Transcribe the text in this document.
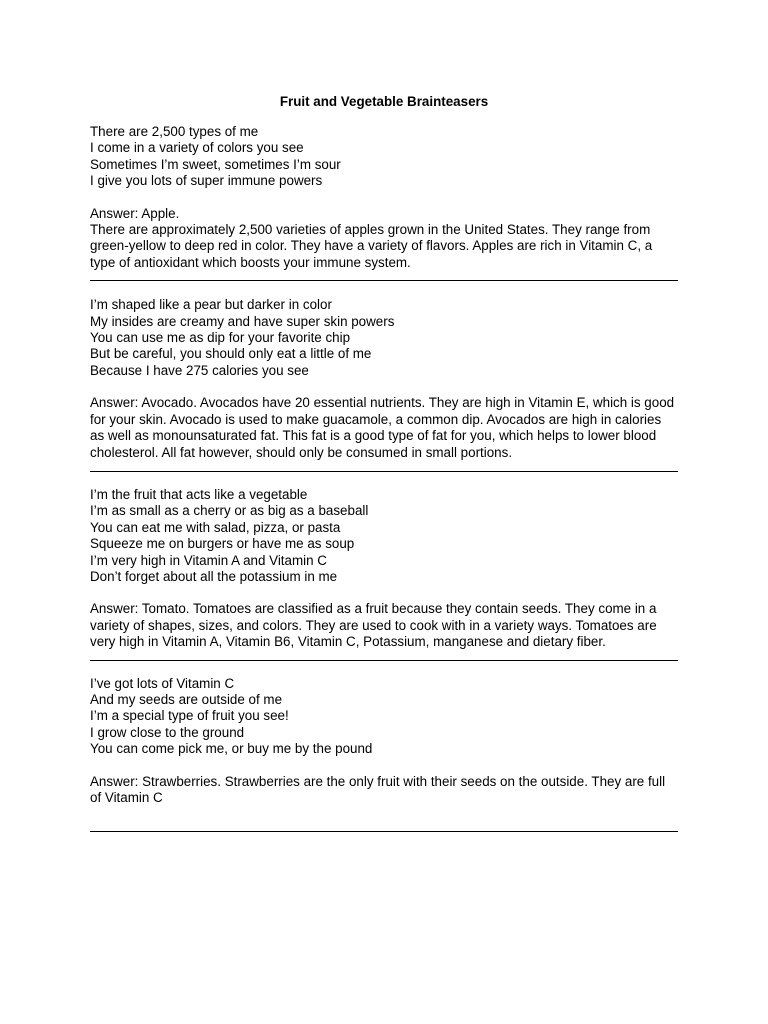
Fruit and Vegetable Brainteasers
There are 2,500 types of me
I come in a variety of colors you see
Sometimes I’m sweet, sometimes I’m sour
I give you lots of super immune powers

Answer: Apple.

There are approximately 2,500 varieties of apples grown in the United States. They range from green-yellow to deep red in color. They have a variety of flavors. Apples are rich in Vitamin C, a type of antioxidant which boosts your immune system.

I’m shaped like a pear but darker in color
My insides are creamy and have super skin powers
You can use me as dip for your favorite chip
But be careful, you should only eat a little of me
Because I have 275 calories you see

Answer: Avocado. Avocados have 20 essential nutrients. They are high in Vitamin E, which is good for your skin. Avocado is used to make guacamole, a common dip. Avocados are high in calories as well as monounsaturated fat. This fat is a good type of fat for you, which helps to lower blood cholesterol. All fat however, should only be consumed in small portions.

I’m the fruit that acts like a vegetable
I’m as small as a cherry or as big as a baseball
You can eat me with salad, pizza, or pasta
Squeeze me on burgers or have me as soup
I’m very high in Vitamin A and Vitamin C
Don’t forget about all the potassium in me

Answer: Tomato. Tomatoes are classified as a fruit because they contain seeds. They come in a variety of shapes, sizes, and colors. They are used to cook with in a variety ways. Tomatoes are very high in Vitamin A, Vitamin B6, Vitamin C, Potassium, manganese and dietary fiber.

I’ve got lots of Vitamin C
And my seeds are outside of me
I’m a special type of fruit you see!
I grow close to the ground
You can come pick me, or buy me by the pound

Answer: Strawberries. Strawberries are the only fruit with their seeds on the outside. They are full of Vitamin C
